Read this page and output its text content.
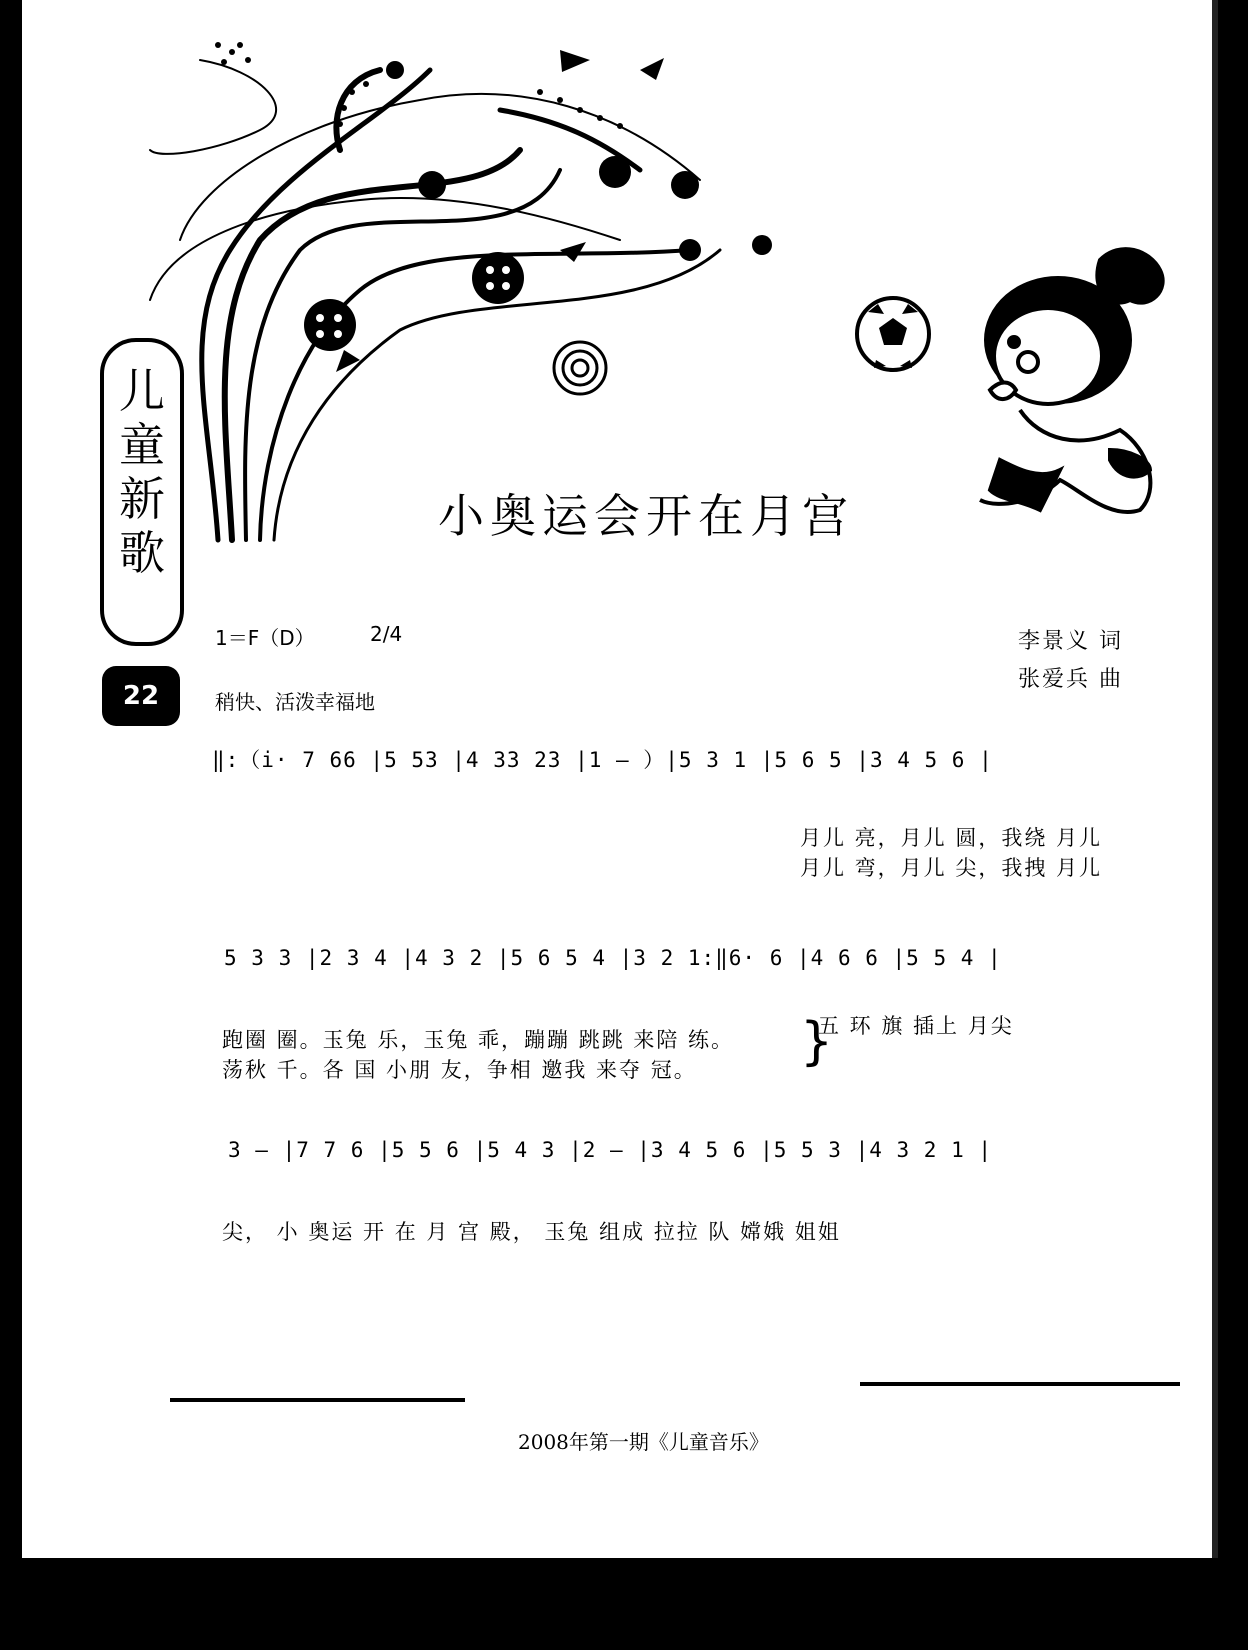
儿童新歌
22
小奥运会开在月宫
1＝F（D）	2/4
稍快、活泼幸福地
李景义 词
张爱兵 曲
‖:（i· 7 66 |5 53 |4 33 23 |1 — ）|5 3 1 |5 6 5 |3 4 5 6 |
月儿 亮，月儿 圆，我绕 月儿
月儿 弯，月儿 尖，我拽 月儿
5 3 3 |2 3 4 |4 3 2 |5 6 5 4 |3 2 1:‖6· 6 |4 6 6 |5 5 4 |
跑圈 圈。玉兔 乐，玉兔 乖，蹦蹦 跳跳 来陪 练。
荡秋 千。各 国 小朋 友，争相 邀我 来夺 冠。 }
五 环 旗 插上 月尖
3 — |7 7 6 |5 5 6 |5 4 3 |2 — |3 4 5 6 |5 5 3 |4 3 2 1 |
尖， 小 奥运 开 在 月 宫 殿， 玉兔 组成 拉拉 队 嫦娥 姐姐
2008年第一期《儿童音乐》
